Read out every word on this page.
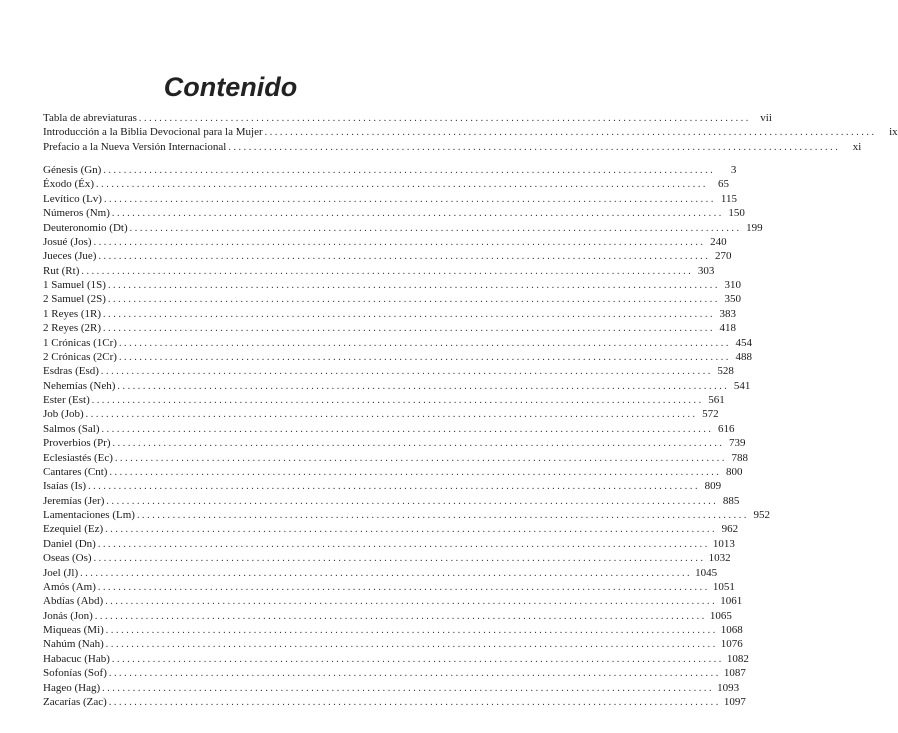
Contenido
Tabla de abreviaturas ........................................................................................................................ vii
Introducción a la Biblia Devocional para la Mujer ........................................................................................................................	ix
Prefacio a la Nueva Versión Internacional ........................................................................................................................	xi
Génesis (Gn) ........................................................................................................................	3
Éxodo (Éx) ........................................................................................................................ 65
Levítico (Lv) ........................................................................................................................ 115
Números (Nm) ........................................................................................................................ 150
Deuteronomio (Dt) ........................................................................................................................ 199
Josué (Jos) ........................................................................................................................ 240
Jueces (Jue) ........................................................................................................................ 270
Rut (Rt) ........................................................................................................................ 303
1 Samuel (1S) ........................................................................................................................ 310
2 Samuel (2S) ........................................................................................................................ 350
1 Reyes (1R) ........................................................................................................................ 383
2 Reyes (2R) ........................................................................................................................ 418
1 Crónicas (1Cr) ........................................................................................................................ 454
2 Crónicas (2Cr) ........................................................................................................................ 488
Esdras (Esd) ........................................................................................................................ 528
Nehemías (Neh) ........................................................................................................................ 541
Ester (Est) ........................................................................................................................ 561
Job (Job) ........................................................................................................................ 572
Salmos (Sal) ........................................................................................................................ 616
Proverbios (Pr) ........................................................................................................................ 739
Eclesiastés (Ec) ........................................................................................................................ 788
Cantares (Cnt) ........................................................................................................................ 800
Isaías (Is) ........................................................................................................................ 809
Jeremías (Jer) ........................................................................................................................ 885
Lamentaciones (Lm) ........................................................................................................................ 952
Ezequiel (Ez) ........................................................................................................................ 962
Daniel (Dn) ........................................................................................................................ 1013
Oseas (Os) ........................................................................................................................ 1032
Joel (Jl) ........................................................................................................................ 1045
Amós (Am) ........................................................................................................................ 1051
Abdías (Abd) ........................................................................................................................ 1061
Jonás (Jon) ........................................................................................................................ 1065
Miqueas (Mi) ........................................................................................................................ 1068
Nahúm (Nah) ........................................................................................................................ 1076
Habacuc (Hab) ........................................................................................................................ 1082
Sofonías (Sof) ........................................................................................................................ 1087
Hageo (Hag) ........................................................................................................................ 1093
Zacarías (Zac) ........................................................................................................................ 1097
